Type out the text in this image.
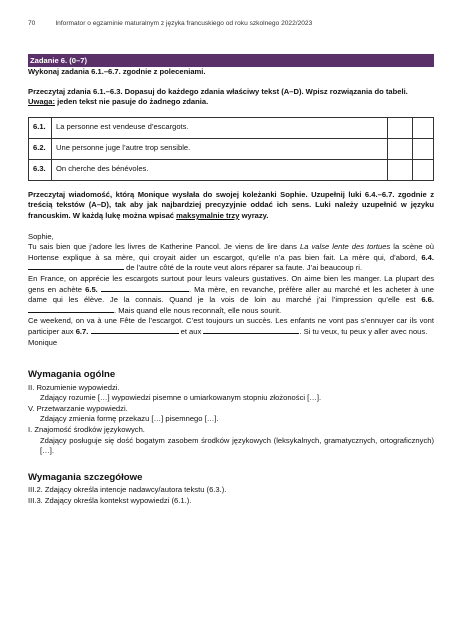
70	Informator o egzaminie maturalnym z języka francuskiego od roku szkolnego 2022/2023
Zadanie 6. (0–7)

Wykonaj zadania 6.1.–6.7. zgodnie z poleceniami.

Przeczytaj zdania 6.1.–6.3. Dopasuj do każdego zdania właściwy tekst (A–D). Wpisz rozwiązania do tabeli.

Uwaga: jeden tekst nie pasuje do żadnego zdania.

6.1.	La personne est vendeuse d’escargots.		
6.2.	Une personne juge l’autre trop sensible.		
6.3.	On cherche des bénévoles.		

Przeczytaj wiadomość, którą Monique wysłała do swojej koleżanki Sophie. Uzupełnij luki 6.4.–6.7. zgodnie z treścią tekstów (A–D), tak aby jak najbardziej precyzyjnie oddać ich sens. Luki należy uzupełnić w języku francuskim. W każdą lukę można wpisać maksymalnie trzy wyrazy.

Sophie,

Tu sais bien que j’adore les livres de Katherine Pancol. Je viens de lire dans La valse lente des tortues la scène où Hortense explique à sa mère, qui croyait aider un escargot, qu’elle n’a pas bien fait. La mère qui, d’abord, 6.4.  de l’autre côté de la route veut alors réparer sa faute. J’ai beaucoup ri.

En France, on apprécie les escargots surtout pour leurs valeurs gustatives. On aime bien les manger. La plupart des gens en achète 6.5.	. Ma mère, en revanche, préfère aller au marché et les acheter à une dame qui les élève. Je la connais. Quand je la vois de loin au marché j’ai l’impression qu’elle est 6.6. . Mais quand elle nous reconnaît, elle nous sourit.

Ce weekend, on va à une Fête de l’escargot. C’est toujours un succès. Les enfants ne vont pas s’ennuyer car ils vont participer aux 6.7.	et aux	. Si tu veux, tu peux y aller avec nous.

Monique

Wymagania ogólne

II. Rozumienie wypowiedzi.

Zdający rozumie […] wypowiedzi pisemne o umiarkowanym stopniu złożoności […].

V. Przetwarzanie wypowiedzi.

Zdający zmienia formę przekazu […] pisemnego […].

I. Znajomość środków językowych.

Zdający posługuje się dość bogatym zasobem środków językowych (leksykalnych, gramatycznych, ortograficznych) […].

Wymagania szczegółowe

III.2. Zdający określa intencje nadawcy/autora tekstu (6.3.).

III.3. Zdający określa kontekst wypowiedzi (6.1.).
